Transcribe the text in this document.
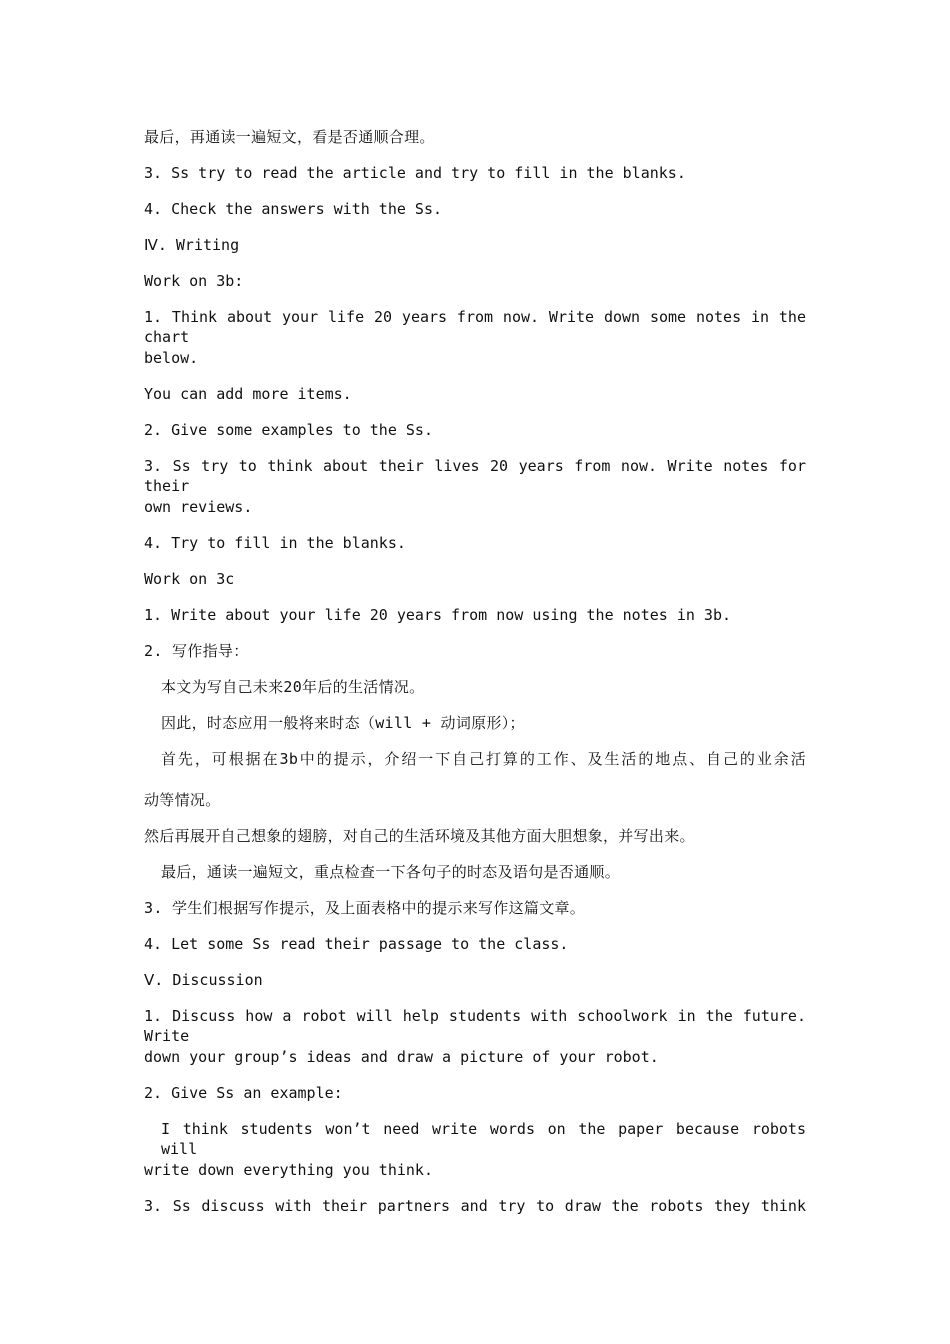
最后，再通读一遍短文，看是否通顺合理。

3. Ss try to read the article and try to fill in the blanks.

4. Check the answers with the Ss.

Ⅳ. Writing

Work on 3b:

1. Think about your life 20 years from now. Write down some notes in the chart

below.

You can add more items.

2. Give some examples to the Ss.

3. Ss try to think about their lives 20 years from now. Write notes for their

own reviews.

4. Try to fill in the blanks.

Work on 3c

1. Write about your life 20 years from now using the notes in 3b.

2. 写作指导：

本文为写自己未来20年后的生活情况。

因此，时态应用一般将来时态（will + 动词原形）；

首先，可根据在3b中的提示，介绍一下自己打算的工作、及生活的地点、自己的业余活

动等情况。

然后再展开自己想象的翅膀，对自己的生活环境及其他方面大胆想象，并写出来。

最后，通读一遍短文，重点检查一下各句子的时态及语句是否通顺。

3. 学生们根据写作提示，及上面表格中的提示来写作这篇文章。

4. Let some Ss read their passage to the class.

Ⅴ. Discussion

1. Discuss how a robot will help students with schoolwork in the future. Write

down your group’s ideas and draw a picture of your robot.

2. Give Ss an example:

I think students won’t need write words on the paper because robots will

write down everything you think.

3. Ss discuss with their partners and try to draw the robots they think
